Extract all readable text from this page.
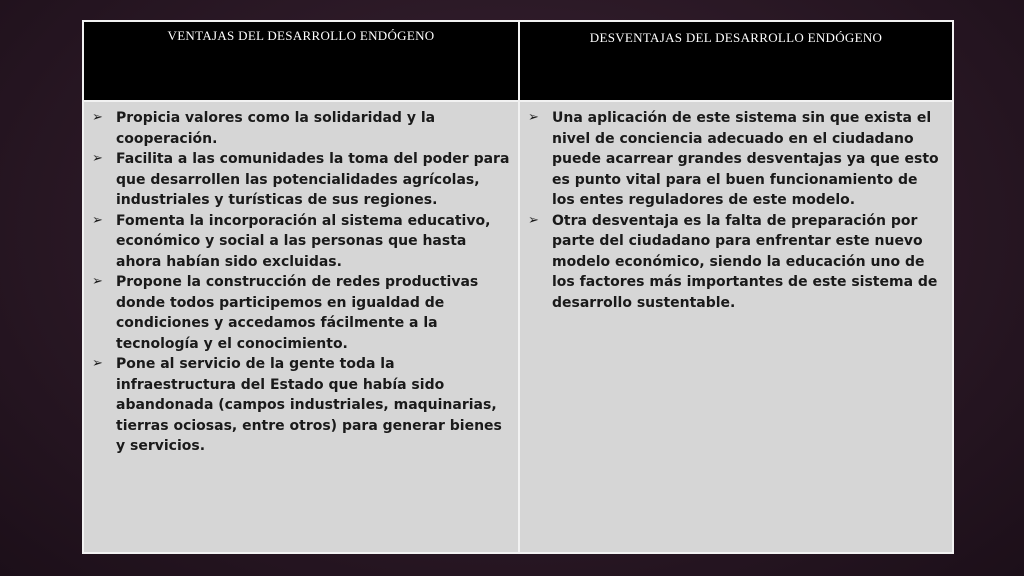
VENTAJAS DEL DESARROLLO ENDÓGENO	DESVENTAJAS DEL DESARROLLO ENDÓGENO
➢ Propicia valores como la solidaridad y la cooperación.
➢ Facilita a las comunidades la toma del poder para que desarrollen las potencialidades agrícolas, industriales y turísticas de sus regiones.
➢ Fomenta la incorporación al sistema educativo, económico y social a las personas que hasta ahora habían sido excluidas.
➢ Propone la construcción de redes productivas donde todos participemos en igualdad de condiciones y accedamos fácilmente a la tecnología y el conocimiento.
➢ Pone al servicio de la gente toda la infraestructura del Estado que había sido abandonada (campos industriales, maquinarias, tierras ociosas, entre otros) para generar bienes y servicios.
➢ Una aplicación de este sistema sin que exista el nivel de conciencia adecuado en el ciudadano puede acarrear grandes desventajas ya que esto es punto vital para el buen funcionamiento de los entes reguladores de este modelo.
➢ Otra desventaja es la falta de preparación por parte del ciudadano para enfrentar este nuevo modelo económico, siendo la educación uno de los factores más importantes de este sistema de desarrollo sustentable.
